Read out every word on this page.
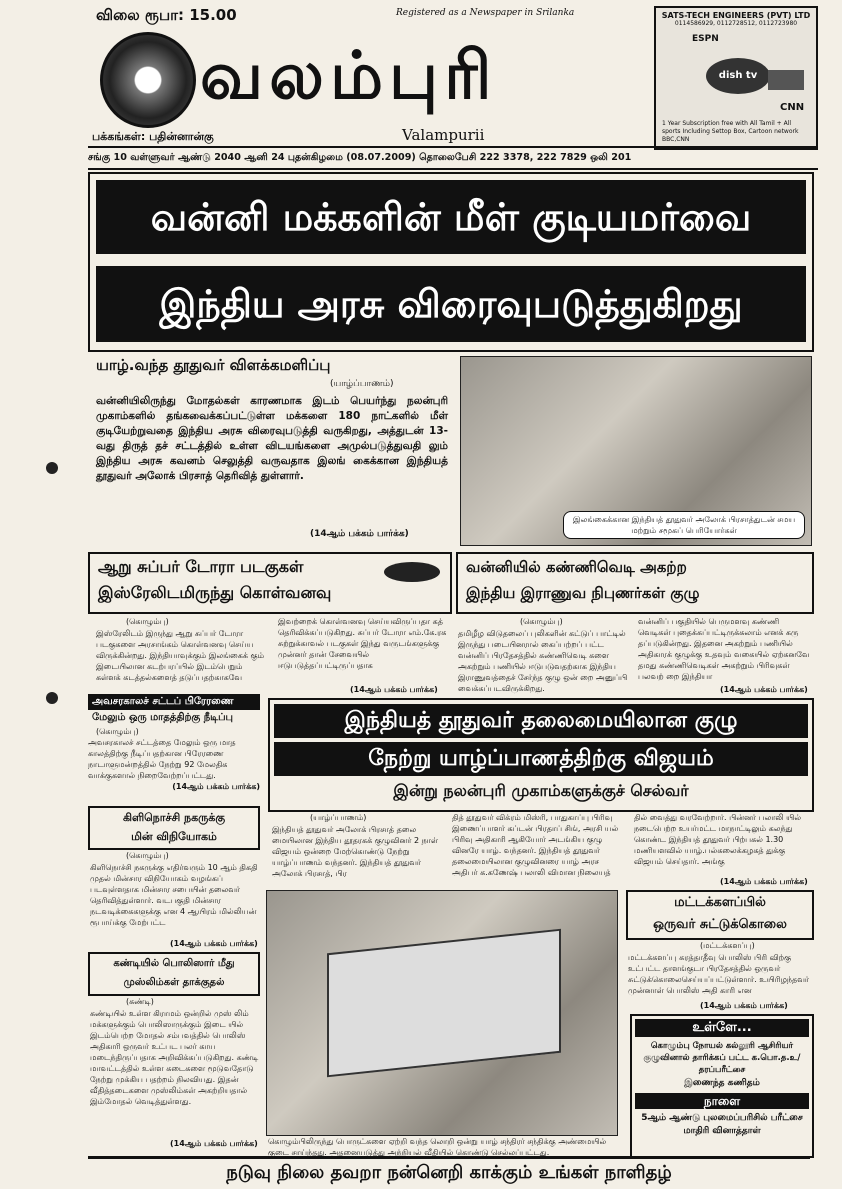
விலை ரூபா: 15.00	Registered as a Newspaper in Srilanka
வலம்புரி
பக்கங்கள்: பதின்னான்கு	Valampurii
SATS-TECH ENGINEERS (PVT) LTD
0114586929, 0112728512, 0112723980
ESPN
dish tv
CNN
1 Year Subscription free with All Tamil + All sports Including Settop Box, Cartoon network BBC,CNN
சங்கு 10 வள்ளுவர் ஆண்டு 2040 ஆனி 24 புதன்கிழமை (08.07.2009) தொலைபேசி 222 3378, 222 7829 ஒலி 201
வன்னி மக்களின் மீள் குடியமர்வை
இந்திய அரசு விரைவுபடுத்துகிறது
யாழ்.வந்த தூதுவர் விளக்கமளிப்பு
(யாழ்ப்பாணம்)
வன்னியிலிருந்து மோதல்கள் காரணமாக இடம் பெயர்ந்து நலன்புரி முகாம்களில் தங்கவைக்கப்பட்டுள்ள மக்களை 180 நாட்களில் மீள் குடியேற்றுவதை இந்திய அரசு விரைவுபடுத்தி வருகிறது, அத்துடன் 13-வது திருத் தச் சட்டத்தில் உள்ள விடயங்களை அமுல்படுத்துவதி லும் இந்திய அரசு கவனம் செலுத்தி வருவதாக இலங் கைக்கான இந்தியத் தூதுவர் அலோக் பிரசாத் தெரிவித் துள்ளார்.
(14ஆம் பக்கம் பார்க்க)
இலங்கைக்கான இந்தியத் தூதுவர் அலோக் பிரசாத்துடன் சமய மற்றும் சமூகப் பெரியோர்கள்
ஆறு சுப்பர் டோரா படகுகள்
இஸ்ரேலிடமிருந்து கொள்வனவு
(கொழும்பு)
இஸ்ரேலிடம் இருந்து ஆறு சுப்பர் டோரா படகுகளை அரசாங்கம் கொள்வனவு செய்ய விருக்கின்றது. இந்தியாவுக்கும் இலங்கைக் கும் இடையிலான கடற்பரப்பில் இடம்பெறும் கள்ளக் கடத்தல்களைத் தடுப்பதற்காகவே
இவற்றைக் கொள்வனவு செய்யவிருப்பதா கத் தெரிவிக்கப்படுகிறது. சுப்பர் டோரா எம்.கே.ரக சுற்றுக்காவல் படகுகள் இந்து வருடங்களுக்கு முன்னர் தான் சேவையில் ஈடுபடுத்தப்பட்டிருப்பதாக
(14ஆம் பக்கம் பார்க்க)
வன்னியில் கண்ணிவெடி அகற்ற
இந்திய இராணுவ நிபுணர்கள் குழு
(கொழும்பு)
தமிழீழ விடுதலைப் புலிகளின் கட்டுப் பாட்டில் இருந்து படையினரால் கைப்பற்றப் பட்ட வன்னிப் பிரதேசத்தில் கண்ணிவெடி களை அகற்றும் பணியில் ஈடுபடுவதற்காக இந்திய இராணுவத்தைச் சேர்ந்த குழு ஒன் றை அனுப்பி வைக்கப்படவிருக்கிறது.
வன்னிப் பகுதியில் பெருமளவு கண்ணி வெடிகள் புதைக்கப்பட்டிருக்கலாம் எனக் கரு தப்படுகின்றது. இதனை அகற்றும் பணியில் அதிகாரக் குழுக்கு உதவும் வகையில் ஏற்கனவே தமது கண்ணிவெடிகள் அகற்றும் பிரிவுகள் பலவற் றை இந்தியா
(14ஆம் பக்கம் பார்க்க)
அவசரகாலச் சட்டப் பிரேரணை
மேலும் ஒரு மாதத்திற்கு நீடிப்பு
(கொழும்பு)
அவசரகாலச் சட்டத்தை மேலும் ஒரு மாத காலத்திற்கு நீடிப்பதற்கான பிரேரணை நாடாளுமன்றத்தில் நேற்று 92 மேலதிக வாக்குகளால் நிறைவேற்றப்பட்டது.
(14ஆம் பக்கம் பார்க்க)
இந்தியத் தூதுவர் தலைமையிலான குழு
நேற்று யாழ்ப்பாணத்திற்கு விஜயம்
இன்று நலன்புரி முகாம்களுக்குச் செல்வர்
(யாழ்ப்பாணம்)
இந்தியத் தூதுவர் அலோக் பிரசாத் தலை மையிலான இந்திய தூதரகக் குழுவினர் 2 நாள் விஜயம் ஒன்றை மேற்கொண்டு நேற்று யாழ்ப்பாணம் வந்தனர். இந்தியத் தூதுவர் அலோக் பிரசாத், பிர
தித் தூதுவர் விக்ரம் மிஸ்ரி, பாதுகாப்பு பிரிவு இணைப்பாளர் கப்டன் பிரதாப் சிங், அரசி யல் பிரிவு அதிகாரி ஆகியோர் அடங்கிய குழு வினரே யாழ். வந்தனர். இந்தியத் தூதுவர் தலைமையிலான குழுவினரை யாழ் அரச அதிபர் க.கணேஷ் பலாலி விமான நிலையத்
தில் வைத்து வரவேற்றார். பின்னர் பலாலி யில் நடைபெற்ற உயர்மட்ட மாநாட்டிலும் கலந்து கொண்ட இந்தியத் தூதுவர் பிற்பகல் 1.30 மணியளவில் யாழ்.பல்கலைக்கழகத் துக்கு விஜயம் செய்தார். அங்கு
(14ஆம் பக்கம் பார்க்க)
கிளிநொச்சி நகருக்கு
மின் விநியோகம்
(கொழும்பு)
கிளிநொச்சி நகருக்கு எதிர்வரும் 10 ஆம் திகதி முதல் மின்சார விநியோகம் வழங்கப் படவுள்ளதாக மின்சார சபையின் தலைவர் தெரிவித்துள்ளார். வடபகுதி மின்சார நடவடிக்கைகளுக்கு என 4 ஆயிரம் மில்லியன் ரூபாய்க்கு மேற்பட்ட
(14ஆம் பக்கம் பார்க்க)
கண்டியில் பொலிஸார் மீது
முஸ்லிம்கள் தாக்குதல்
(கண்டி)
கண்டியில் உள்ள கிராமம் ஒன்றில் முஸ் லிம் மக்களுக்கும் பொலிஸாருக்கும் இடை யில் இடம்பெற்ற மோதல் சம்பவத்தில் பொலிஸ் அதிகாரி ஒருவர் உட்பட பலர் காய மடைந்திருப்பதாக அறிவிக்கப்படுகிறது. கண்டி மாவட்டத்தில் உள்ள கடைகளை மூடுவதோடு நேற்று முக்கிய பதற்றம் நிலவியது. இதன் வீதித்தடைகளை முஸ்லிம்கள் அகற்றியதால் இம்மோதல் வெடித்துள்ளது.
(14ஆம் பக்கம் பார்க்க) கொழும்பிலிருந்து பொருட்களை ஏற்றி வந்த லொறி ஒன்று யாழ் சந்திரர் சந்திக்கு அண்மையில் குடை சாய்ந்தது. அதனையடுத்து அந்நியல் வீதியில் கொண்டு செல்லப்பட்டது.
மட்டக்களப்பில்
ஒருவர் சுட்டுக்கொலை
(மட்டக்களப்பு)
மட்டக்களப்பு கரத்தாதீவு பொலிஸ் பிரி விற்கு உட்பட்ட தாளங்குடா பிரதேசத்தில் ஒருவர் சுட்டுக்கொலைசெய்யப்பட்டுள்ளார். உயிரிழந்தவர் முன்னாள் பொலிஸ் அதி காரி என
(14ஆம் பக்கம் பார்க்க)
உள்ளே...
கொழும்பு நோயல் கல்லூரி ஆசிரியர் குழுவினால் தாரிக்கப் பட்ட க.பொ.த.உ/தரப்பரீட்சை
இணைந்த கணிதம்
நாளை
5ஆம் ஆண்டு புலமைப்பரிசில் பரீட்சை மாதிரி வினாத்தாள்
நடுவு நிலை தவறா நன்னெறி காக்கும் உங்கள் நாளிதழ்
